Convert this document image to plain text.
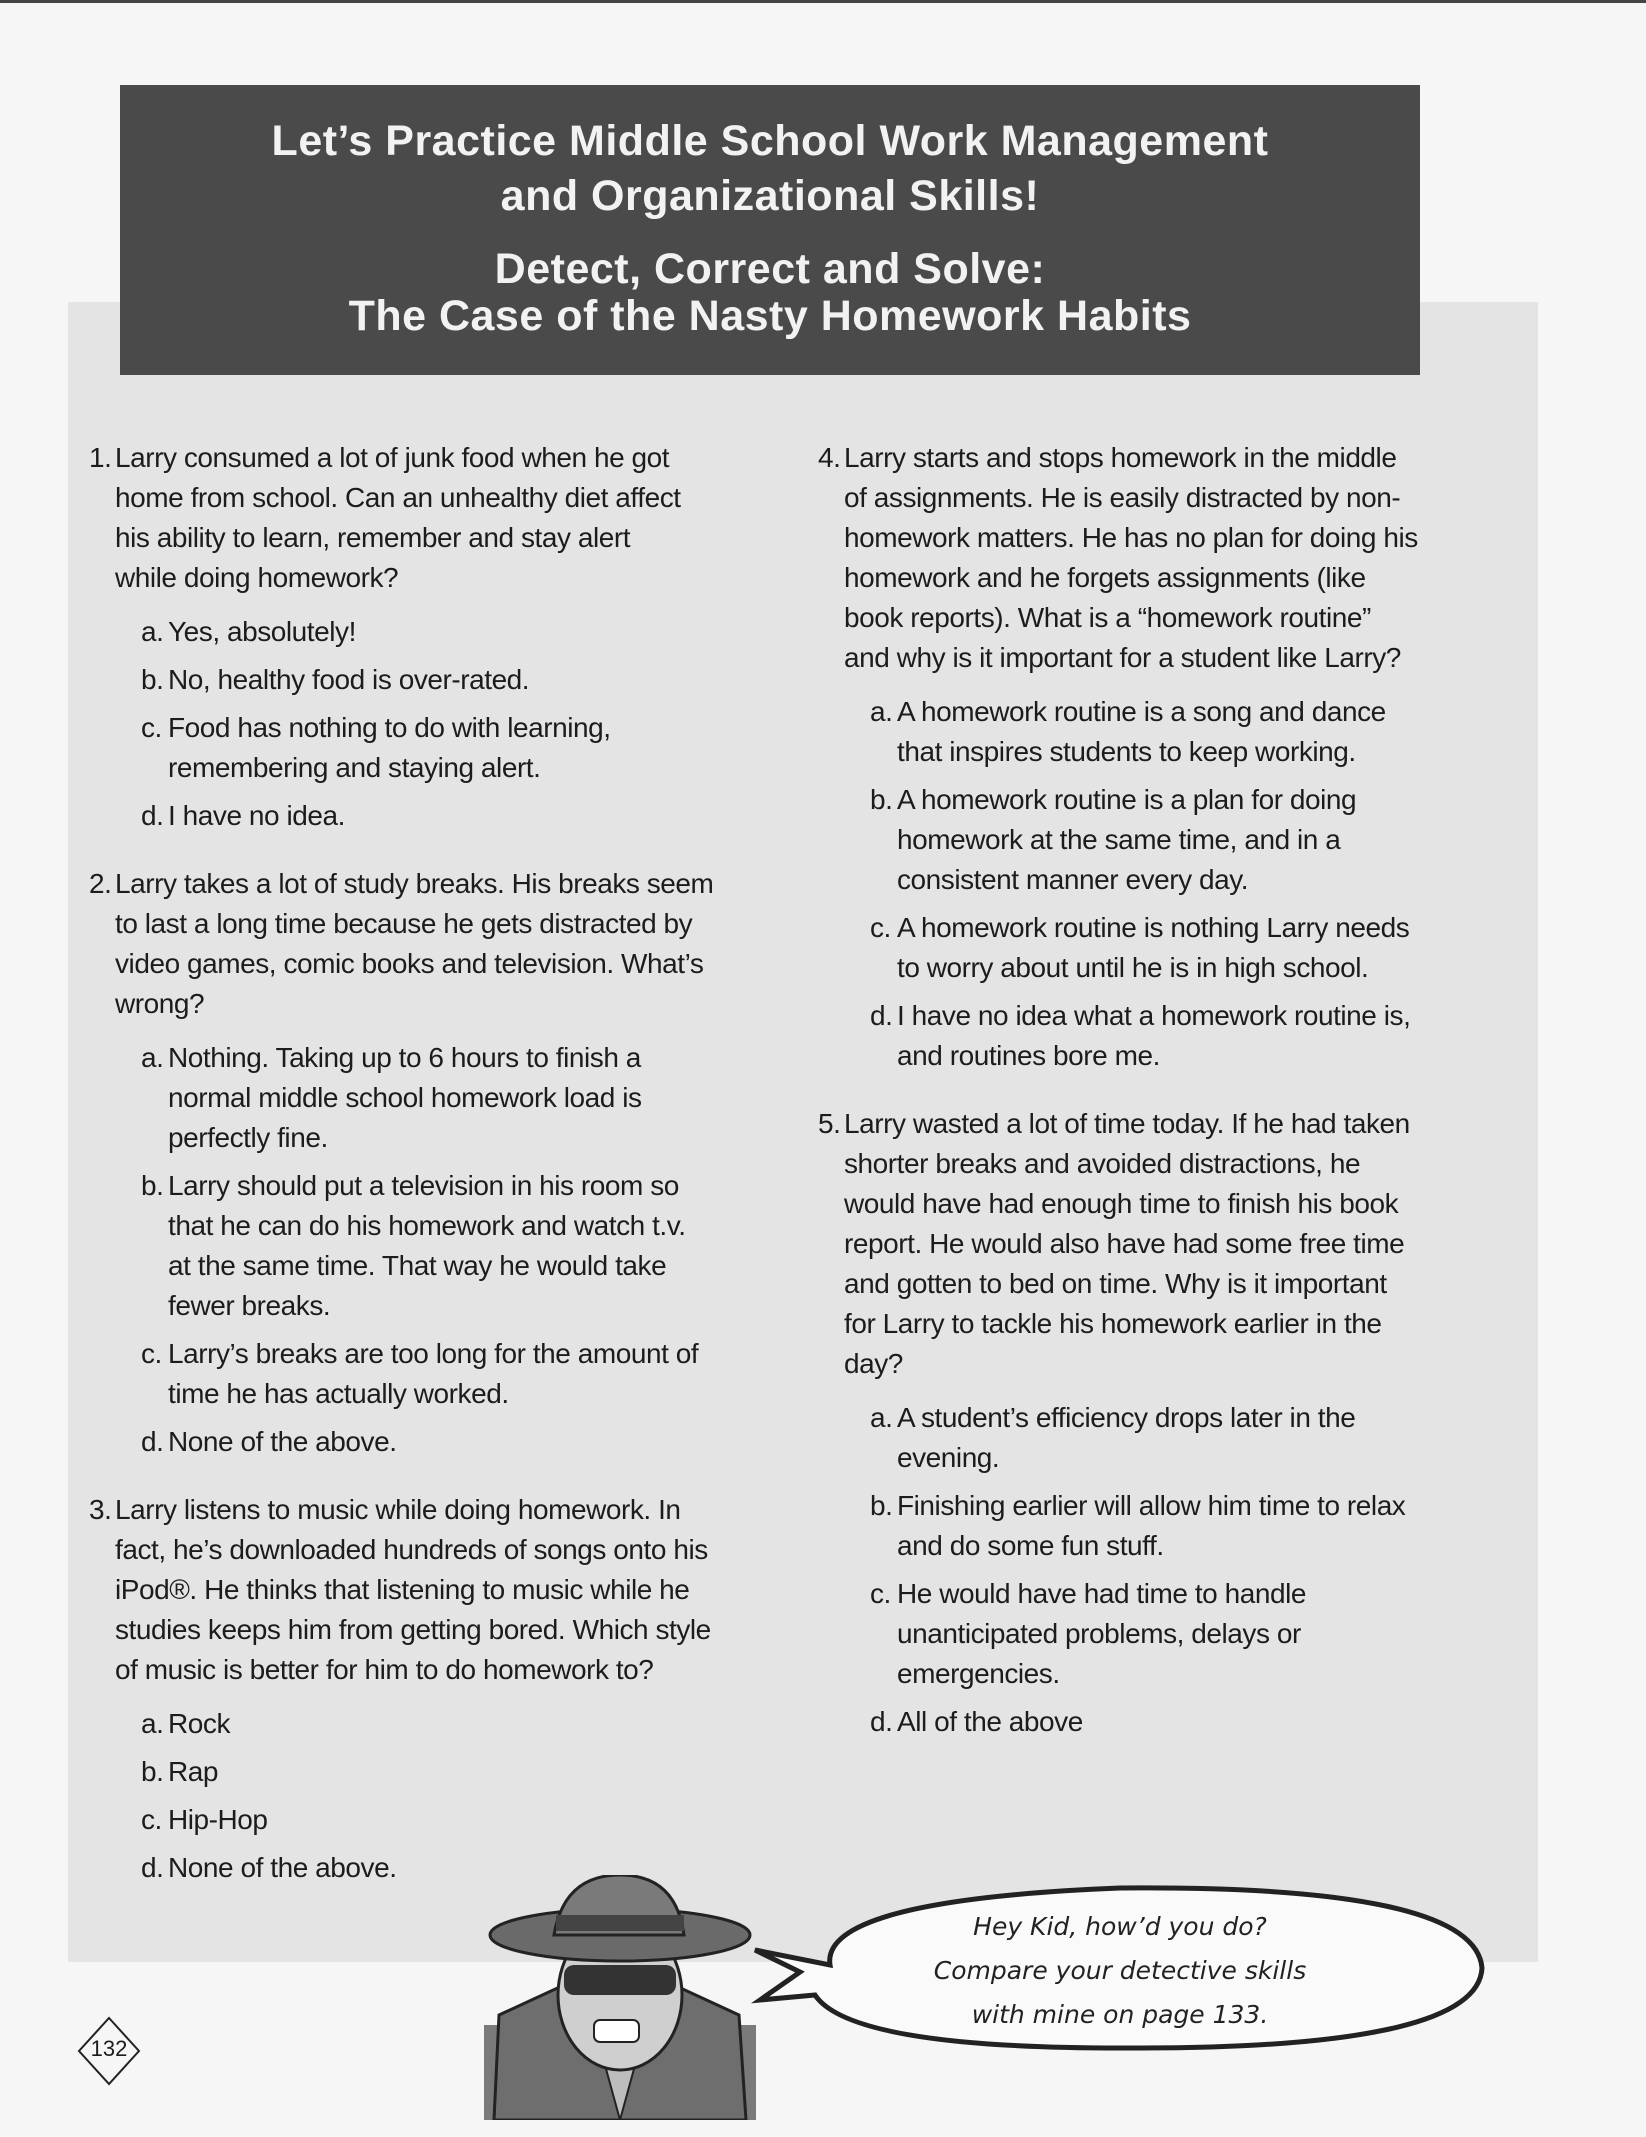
Let’s Practice Middle School Work Management
and Organizational Skills!
Detect, Correct and Solve:
The Case of the Nasty Homework Habits
1. Larry consumed a lot of junk food when he got
home from school. Can an unhealthy diet affect
his ability to learn, remember and stay alert
while doing homework?
a. Yes, absolutely!
b. No, healthy food is over-rated.
c. Food has nothing to do with learning,
remembering and staying alert.
d. I have no idea.
2. Larry takes a lot of study breaks. His breaks seem
to last a long time because he gets distracted by
video games, comic books and television. What’s
wrong?
a. Nothing. Taking up to 6 hours to finish a
normal middle school homework load is
perfectly fine.
b. Larry should put a television in his room so
that he can do his homework and watch t.v.
at the same time. That way he would take
fewer breaks.
c. Larry’s breaks are too long for the amount of
time he has actually worked.
d. None of the above.
3. Larry listens to music while doing homework. In
fact, he’s downloaded hundreds of songs onto his
iPod®. He thinks that listening to music while he
studies keeps him from getting bored. Which style
of music is better for him to do homework to?
a. Rock
b. Rap
c. Hip-Hop
d. None of the above.
4. Larry starts and stops homework in the middle
of assignments. He is easily distracted by non-
homework matters. He has no plan for doing his
homework and he forgets assignments (like
book reports). What is a “homework routine”
and why is it important for a student like Larry?
a. A homework routine is a song and dance
that inspires students to keep working.
b. A homework routine is a plan for doing
homework at the same time, and in a
consistent manner every day.
c. A homework routine is nothing Larry needs
to worry about until he is in high school.
d. I have no idea what a homework routine is,
and routines bore me.
5. Larry wasted a lot of time today. If he had taken
shorter breaks and avoided distractions, he
would have had enough time to finish his book
report. He would also have had some free time
and gotten to bed on time. Why is it important
for Larry to tackle his homework earlier in the
day?
a. A student’s efficiency drops later in the
evening.
b. Finishing earlier will allow him time to relax
and do some fun stuff.
c. He would have had time to handle
unanticipated problems, delays or
emergencies.
d. All of the above
Hey Kid, how’d you do?
Compare your detective skills
with mine on page 133.
132
